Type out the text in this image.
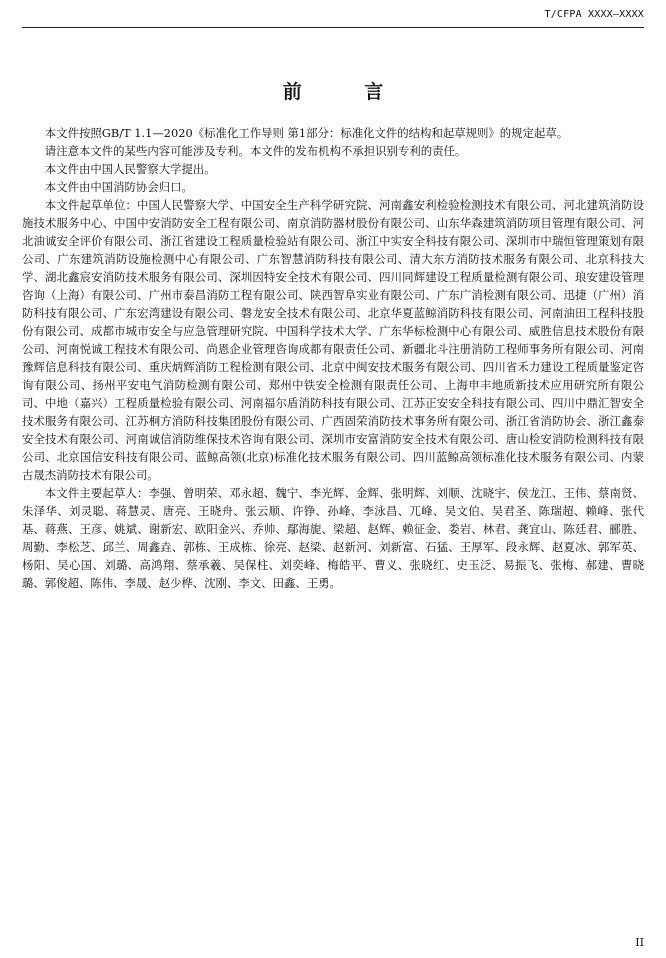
T/CFPA XXXX—XXXX
前 言

本文件按照GB/T 1.1—2020《标准化工作导则 第1部分：标准化文件的结构和起草规则》的规定起草。

请注意本文件的某些内容可能涉及专利。本文件的发布机构不承担识别专利的责任。

本文件由中国人民警察大学提出。

本文件由中国消防协会归口。

本文件起草单位：中国人民警察大学、中国安全生产科学研究院、河南鑫安利检验检测技术有限公司、河北建筑消防设施技术服务中心、中国中安消防安全工程有限公司、南京消防器材股份有限公司、山东华森建筑消防项目管理有限公司、河北油诚安全评价有限公司、浙江省建设工程质量检验站有限公司、浙江中实安全科技有限公司、深圳市中瑞恒管理策划有限公司、广东建筑消防设施检测中心有限公司、广东智慧消防科技有限公司、清大东方消防技术服务有限公司、北京科技大学、湖北鑫宸安消防技术服务有限公司、深圳因特安全技术有限公司、四川同辉建设工程质量检测有限公司、琅安建设管理咨询（上海）有限公司、广州市泰昌消防工程有限公司、陕西智阜实业有限公司、广东广消检测有限公司、迅捷（广州）消防科技有限公司、广东宏湾建设有限公司、磐龙安全技术有限公司、北京华夏蓝鲸消防科技有限公司、河南油田工程科技股份有限公司、成都市城市安全与应急管理研究院、中国科学技术大学、广东华标检测中心有限公司、威胜信息技术股份有限公司、河南悦诚工程技术有限公司、尚恩企业管理咨询成都有限责任公司、新疆北斗注册消防工程师事务所有限公司、河南豫辉信息科技有限公司、重庆炳辉消防工程检测有限公司、北京中闽安技术服务有限公司、四川省禾力建设工程质量鉴定咨询有限公司、扬州平安电气消防检测有限公司、郑州中铁安全检测有限责任公司、上海申丰地质新技术应用研究所有限公司、中地（嘉兴）工程质量检验有限公司、河南福尔盾消防科技有限公司、江苏正安安全科技有限公司、四川中鼎汇智安全技术服务有限公司、江苏桐方消防科技集团股份有限公司、广西固荣消防技术事务所有限公司、浙江省消防协会、浙江鑫泰安全技术有限公司、河南诚信消防维保技术咨询有限公司、深圳市安富消防安全技术有限公司、唐山检安消防检测科技有限公司、北京国信安科技有限公司、蓝鲸高领(北京)标准化技术服务有限公司、四川蓝鲸高领标准化技术服务有限公司、内蒙古晟杰消防技术有限公司。

本文件主要起草人：李强、曾明荣、邓永超、魏宁、李光辉、金辉、张明辉、刘顺、沈晓宇、侯龙江、王伟、蔡南贤、朱泽华、刘灵聪、蒋慧灵、唐亮、王晓舟、张云顺、许铮、孙峰、李泳昌、兀峰、吴文伯、吴君圣、陈瑞超、赖峰、张代基、蒋燕、王彦、姚斌、谢新宏、欧阳金兴、乔帅、鄢海旎、梁超、赵辉、赖征金、娄岩、林君、龚宜山、陈廷君、郦胜、周勤、李松芝、邱兰、周鑫垚、郭栋、王成栋、徐亮、赵梁、赵新河、刘新富、石猛、王厚军、段永辉、赵夏冰、郭军英、杨阳、吴心国、刘璐、高鸿翔、蔡承羲、吴保柱、刘奕峰、梅皓平、曹义、张晓红、史玉泛、易振飞、张梅、郝建、曹晓璐、郭俊超、陈伟、李晟、赵少桦、沈刚、李文、田鑫、王勇。

II
